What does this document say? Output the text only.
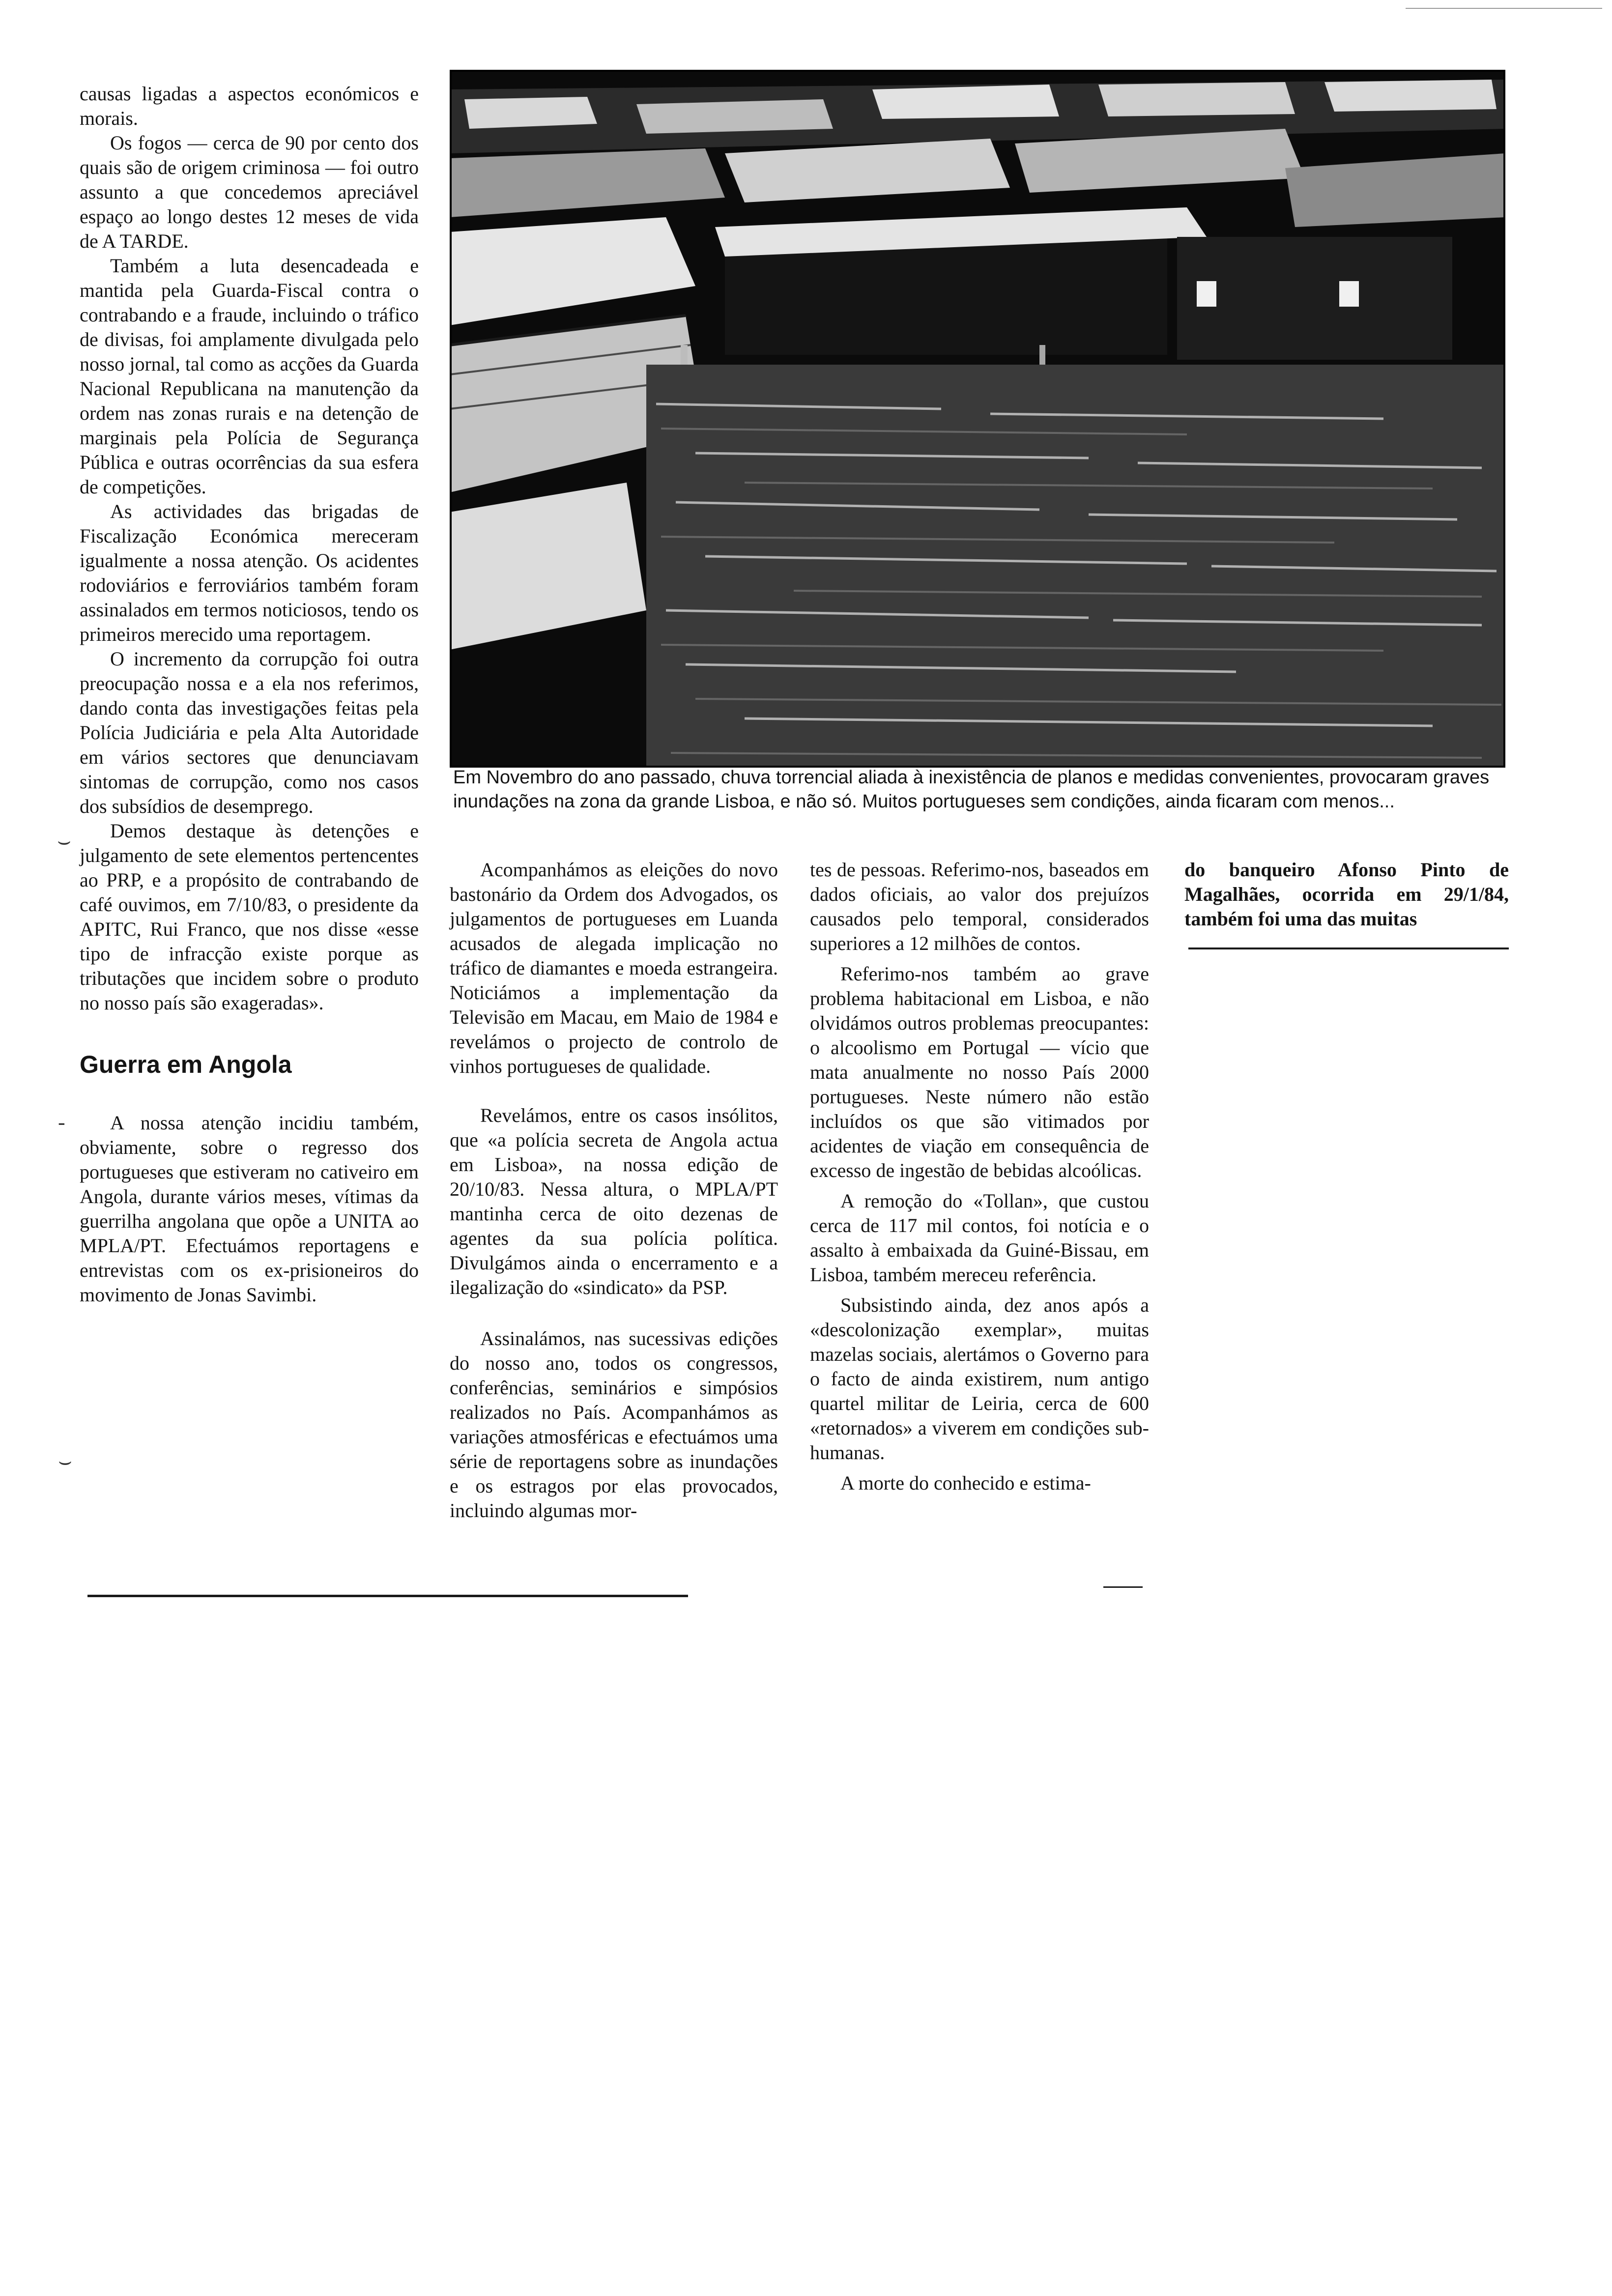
causas ligadas a aspectos económicos e morais.

Os fogos — cerca de 90 por cento dos quais são de origem criminosa — foi outro assunto a que concedemos apreciável espaço ao longo destes 12 meses de vida de A TARDE.

Também a luta desencadeada e mantida pela Guarda-Fiscal contra o contrabando e a fraude, incluindo o tráfico de divisas, foi amplamente divulgada pelo nosso jornal, tal como as acções da Guarda Nacional Republicana na manutenção da ordem nas zonas rurais e na detenção de marginais pela Polícia de Segurança Pública e outras ocorrências da sua esfera de competições.

As actividades das brigadas de Fiscalização Económica mereceram igualmente a nossa atenção. Os acidentes rodoviários e ferroviários também foram assinalados em termos noticiosos, tendo os primeiros merecido uma reportagem.

O incremento da corrupção foi outra preocupação nossa e a ela nos referimos, dando conta das investigações feitas pela Polícia Judiciária e pela Alta Autoridade em vários sectores que denunciavam sintomas de corrupção, como nos casos dos subsídios de desemprego.

Demos destaque às detenções e julgamento de sete elementos pertencentes ao PRP, e a propósito de contrabando de café ouvimos, em 7/10/83, o presidente da APITC, Rui Franco, que nos disse «esse tipo de infracção existe porque as tributações que incidem sobre o produto no nosso país são exageradas».

Guerra em Angola

A nossa atenção incidiu também, obviamente, sobre o regresso dos portugueses que estiveram no cativeiro em Angola, durante vários meses, vítimas da guerrilha angolana que opõe a UNITA ao MPLA/PT. Efectuámos reportagens e entrevistas com os ex-prisioneiros do movimento de Jonas Savimbi.

Em Novembro do ano passado, chuva torrencial aliada à inexistência de planos e medidas convenientes, provocaram graves inundações na zona da grande Lisboa, e não só. Muitos portugueses sem condições, ainda ficaram com menos...

Acompanhámos as eleições do novo bastonário da Ordem dos Advogados, os julgamentos de portugueses em Luanda acusados de alegada implicação no tráfico de diamantes e moeda estrangeira. Noticiámos a implementação da Televisão em Macau, em Maio de 1984 e revelámos o projecto de controlo de vinhos portugueses de qualidade.

Revelámos, entre os casos insólitos, que «a polícia secreta de Angola actua em Lisboa», na nossa edição de 20/10/83. Nessa altura, o MPLA/PT mantinha cerca de oito dezenas de agentes da sua polícia política. Divulgámos ainda o encerramento e a ilegalização do «sindicato» da PSP.

Assinalámos, nas sucessivas edições do nosso ano, todos os congressos, conferências, seminários e simpósios realizados no País. Acompanhámos as variações atmosféricas e efectuámos uma série de reportagens sobre as inundações e os estragos por elas provocados, incluindo algumas mor-

tes de pessoas. Referimo-nos, baseados em dados oficiais, ao valor dos prejuízos causados pelo temporal, considerados superiores a 12 milhões de contos.

Referimo-nos também ao grave problema habitacional em Lisboa, e não olvidámos outros problemas preocupantes: o alcoolismo em Portugal — vício que mata anualmente no nosso País 2000 portugueses. Neste número não estão incluídos os que são vitimados por acidentes de viação em consequência de excesso de ingestão de bebidas alcoólicas.

A remoção do «Tollan», que custou cerca de 117 mil contos, foi notícia e o assalto à embaixada da Guiné-Bissau, em Lisboa, também mereceu referência.

Subsistindo ainda, dez anos após a «descolonização exemplar», muitas mazelas sociais, alertámos o Governo para o facto de ainda existirem, num antigo quartel militar de Leiria, cerca de 600 «retornados» a viverem em condições sub-humanas.

A morte do conhecido e estima-

do banqueiro Afonso Pinto de Magalhães, ocorrida em 29/1/84, também foi uma das muitas

⌣
-
⌣
